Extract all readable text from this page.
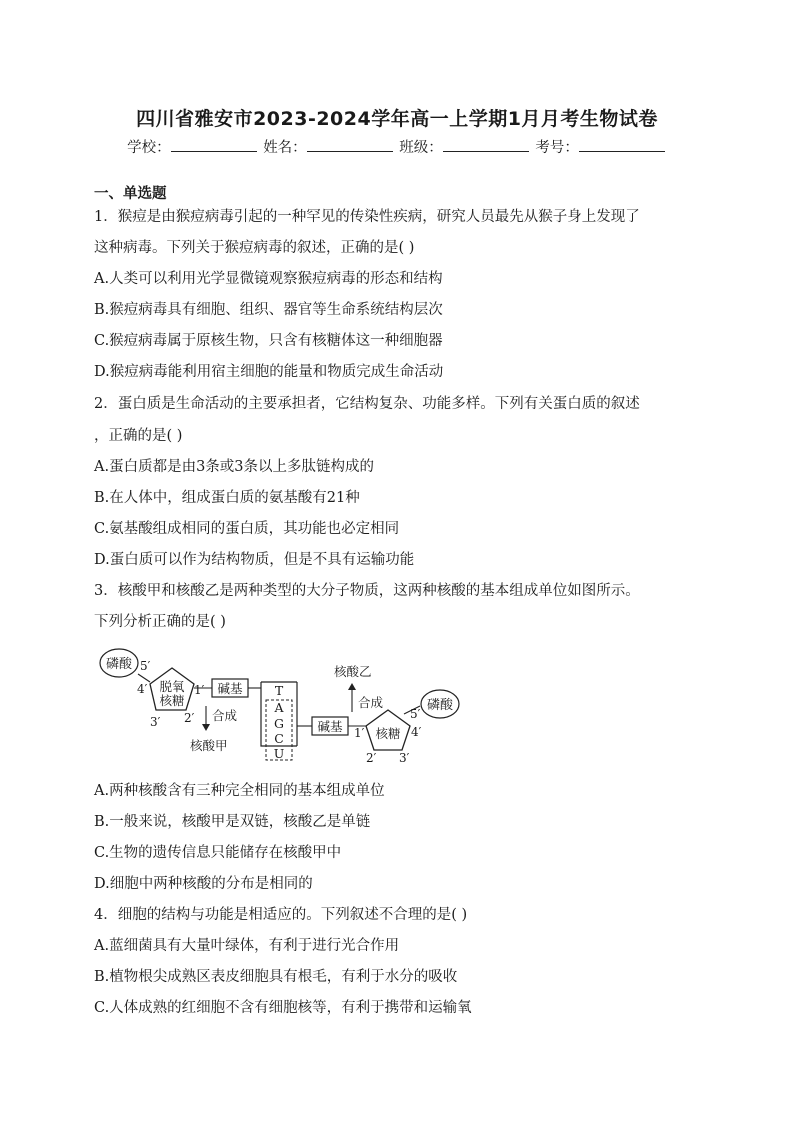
四川省雅安市2023-2024学年高一上学期1月月考生物试卷
学校：	姓名：	班级：	考号：
一、单选题
1．猴痘是由猴痘病毒引起的一种罕见的传染性疾病，研究人员最先从猴子身上发现了
这种病毒。下列关于猴痘病毒的叙述，正确的是( )
A.人类可以利用光学显微镜观察猴痘病毒的形态和结构
B.猴痘病毒具有细胞、组织、器官等生命系统结构层次
C.猴痘病毒属于原核生物，只含有核糖体这一种细胞器
D.猴痘病毒能利用宿主细胞的能量和物质完成生命活动
2．蛋白质是生命活动的主要承担者，它结构复杂、功能多样。下列有关蛋白质的叙述
，正确的是( )
A.蛋白质都是由3条或3条以上多肽链构成的
B.在人体中，组成蛋白质的氨基酸有21种
C.氨基酸组成相同的蛋白质，其功能也必定相同
D.蛋白质可以作为结构物质，但是不具有运输功能
3．核酸甲和核酸乙是两种类型的大分子物质，这两种核酸的基本组成单位如图所示。
下列分析正确的是( )
磷酸 5′
脱氧
核糖
4′
3′ 2′
1′ 碱基
合成
核酸甲
T
A
G
C
U
碱基	核糖
1′
2′ 3′
4′
合成
核酸乙
5′
磷酸
A.两种核酸含有三种完全相同的基本组成单位
B.一般来说，核酸甲是双链，核酸乙是单链
C.生物的遗传信息只能储存在核酸甲中
D.细胞中两种核酸的分布是相同的
4．细胞的结构与功能是相适应的。下列叙述不合理的是( )
A.蓝细菌具有大量叶绿体，有利于进行光合作用
B.植物根尖成熟区表皮细胞具有根毛，有利于水分的吸收
C.人体成熟的红细胞不含有细胞核等，有利于携带和运输氧
